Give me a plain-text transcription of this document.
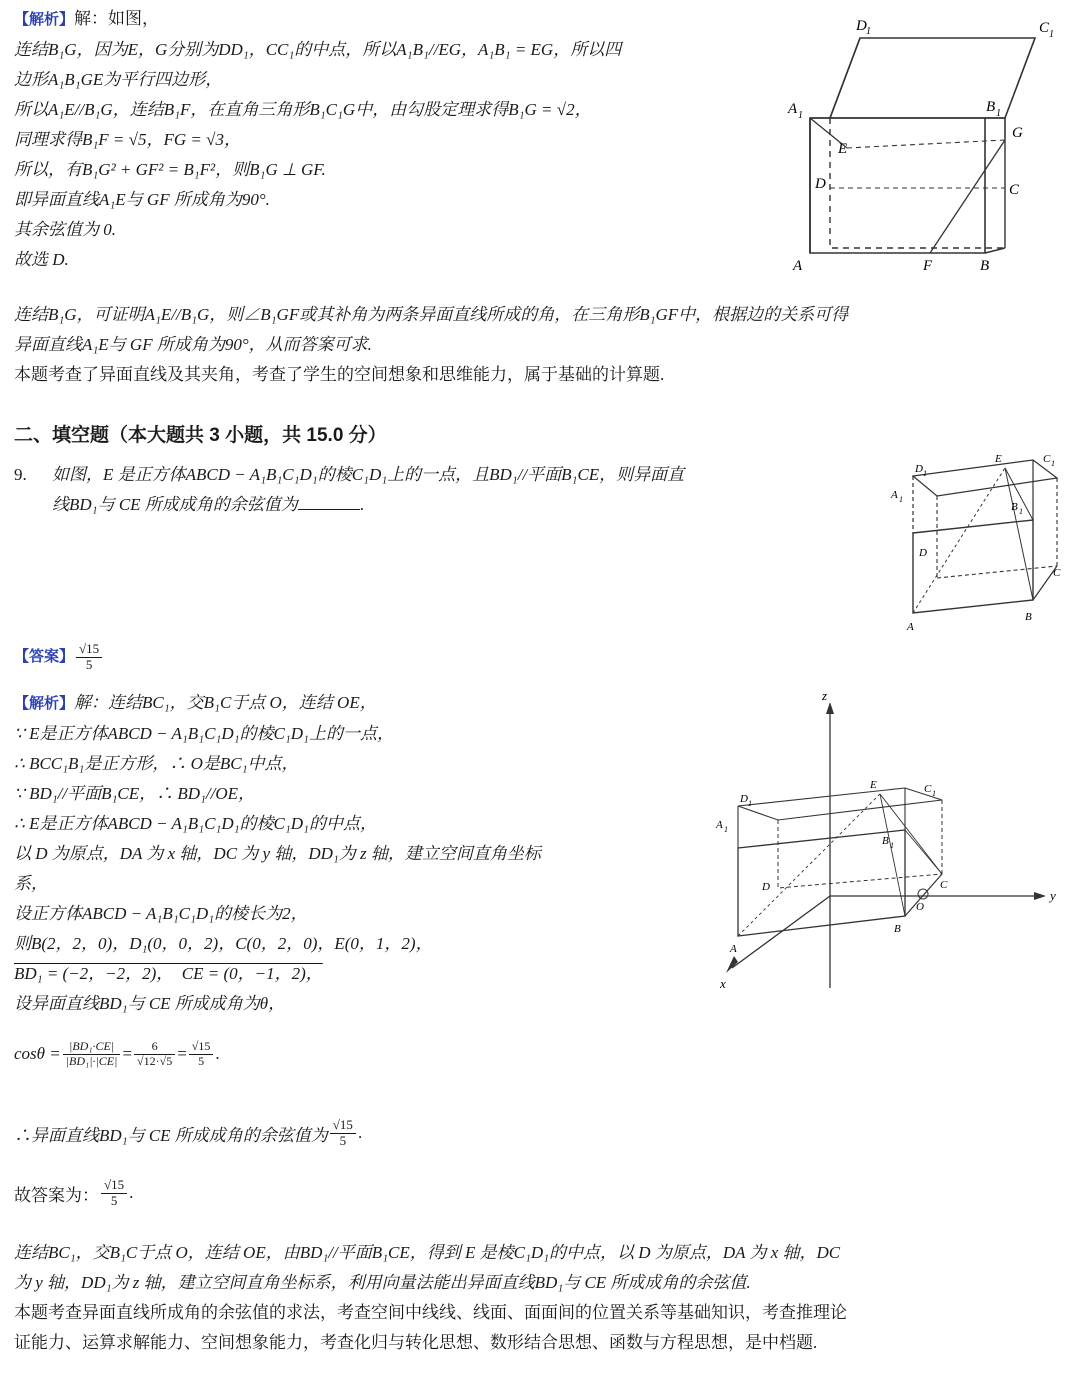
【解析】解：如图，
连结B₁G，因为E，G分别为DD₁，CC₁的中点，所以A₁B₁//EG，A₁B₁ = EG，所以四
边形A₁B₁GE为平行四边形，
所以A₁E//B₁G，连结B₁F，在直角三角形B₁C₁G中，由勾股定理求得B₁G = √2，
同理求得B₁F = √5，FG = √3，
所以，有B₁G² + GF² = B₁F²，则B₁G ⊥ GF.
即异面直线A₁E与 GF 所成角为90°.
其余弦值为 0.
故选 D.
连结B₁G，可证明A₁E//B₁G，则∠B₁GF或其补角为两条异面直线所成的角，在三角形B₁GF中，根据边的关系可得
异面直线A₁E与 GF 所成角为90°，从而答案可求.
本题考查了异面直线及其夹角，考查了学生的空间想象和思维能力，属于基础的计算题.
D 1	C 1
A 1
B 1
G
E
D	C
A	F	B
二、填空题（本大题共 3 小题，共 15.0 分）
9.	如图，E 是正方体ABCD − A₁B₁C₁D₁的棱C₁D₁上的一点，且BD₁//平面B₁CE，则异面直
线BD₁与 CE 所成成角的余弦值为	.
D 1
E	C 1
A 1
B 1
D
C
A
B
【答案】 $\frac{√15}{5}$
【解析】解：连结BC₁，交B₁C于点 O，连结 OE，
∵ E是正方体ABCD − A₁B₁C₁D₁的棱C₁D₁上的一点，
∴ BCC₁B₁是正方形，∴ O是BC₁中点，
∵ BD₁//平面B₁CE，∴ BD₁//OE，
∴ E是正方体ABCD − A₁B₁C₁D₁的棱C₁D₁的中点，
以 D 为原点，DA 为 x 轴，DC 为 y 轴，DD₁为 z 轴，建立空间直角坐标
系，
设正方体ABCD − A₁B₁C₁D₁的棱长为2，
则B(2，2，0)，D₁(0，0，2)，C(0，2，0)，E(0，1，2)，
BD₁ = (−2，−2，2)，  CE = (0，−1，2)，
设异面直线BD₁与 CE 所成成角为θ，
$\cos\theta = \frac{\text{|BD₁·CE|}}{\text{|BD₁|·|CE|}} = \frac{6}{√12\cdot√5} = \frac{√15}{5}$ .
∴异面直线BD₁与 CE 所成成角的余弦值为 $\frac{√15}{5}$ .
故答案为： $\frac{√15}{5}$ .
连结BC₁，交B₁C于点 O，连结 OE，由BD₁//平面B₁CE，得到 E 是棱C₁D₁的中点，以 D 为原点，DA 为 x 轴，DC
为 y 轴，DD₁为 z 轴，建立空间直角坐标系，利用向量法能出异面直线BD₁与 CE 所成成角的余弦值.
本题考查异面直线所成角的余弦值的求法，考查空间中线线、线面、面面间的位置关系等基础知识，考查推理论
证能力、运算求解能力、空间想象能力，考查化归与转化思想、数形结合思想、函数与方程思想，是中档题.
z
y
x
D 1
E	C 1
A 1
B 1
D	C
A
B
O
